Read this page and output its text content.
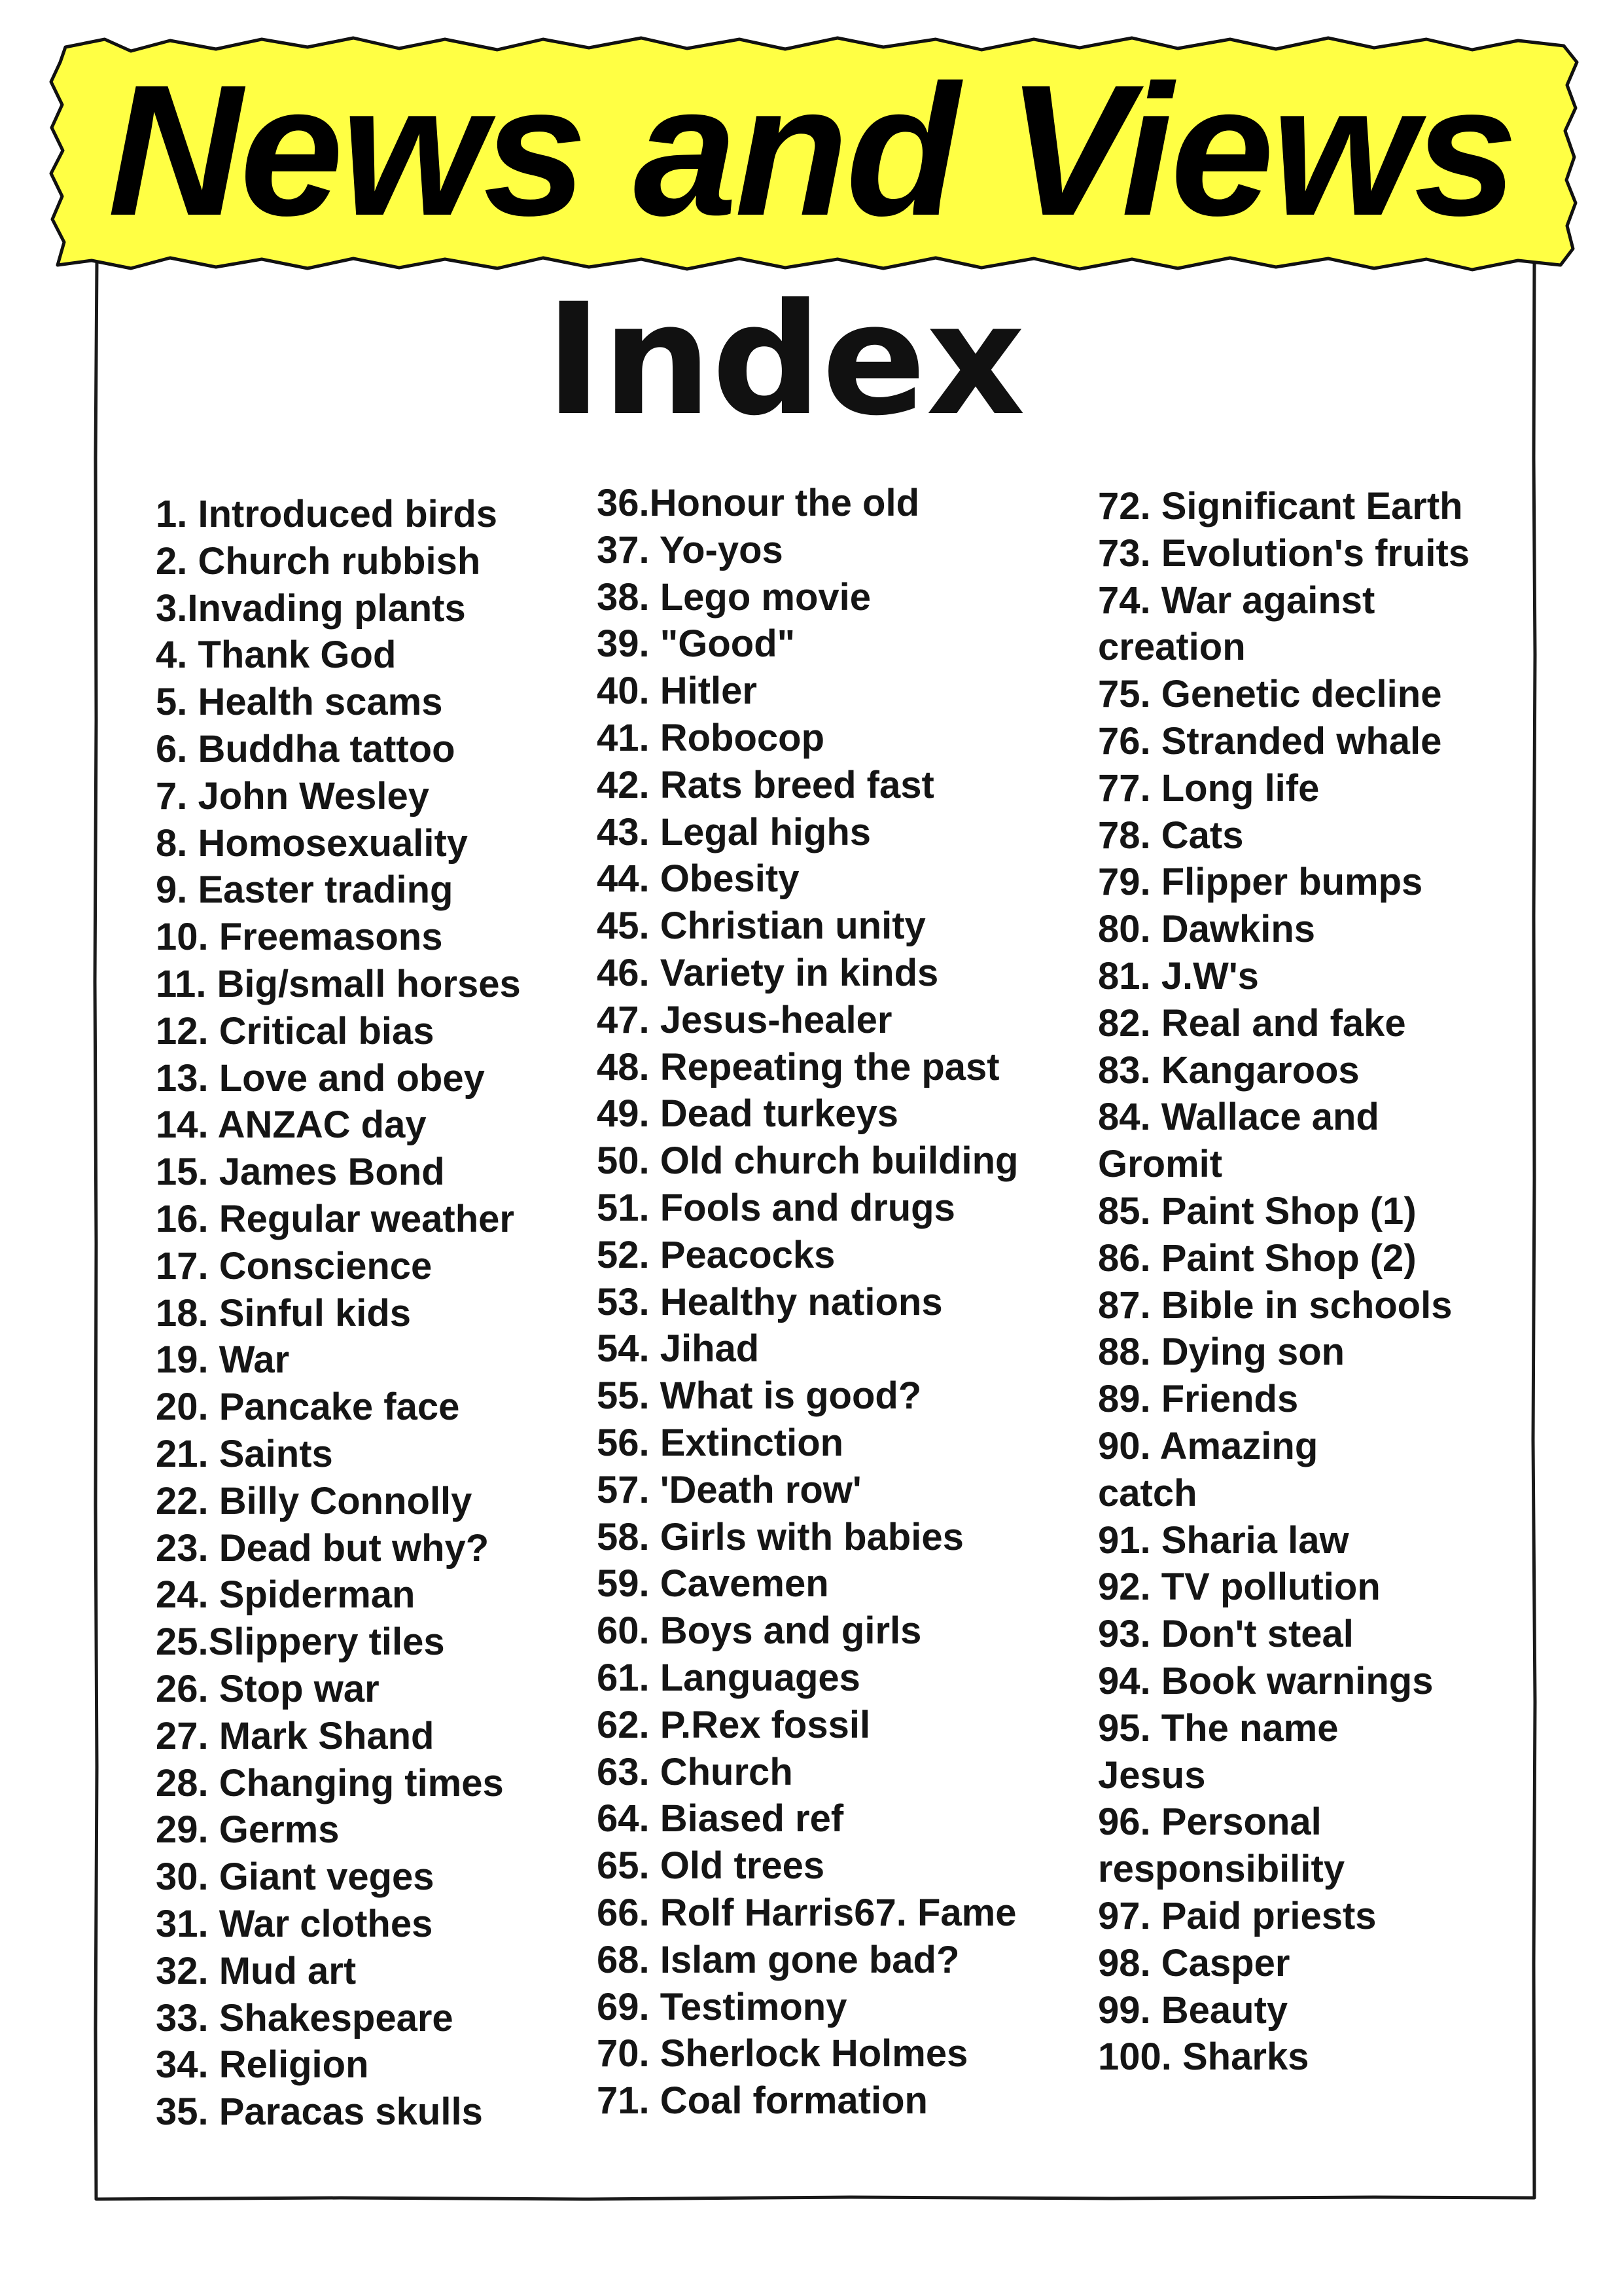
News and Views
Index
1. Introduced birds
2. Church rubbish
3.Invading plants
4. Thank God
5. Health scams
6. Buddha tattoo
7. John Wesley
8. Homosexuality
9. Easter trading
10. Freemasons
11. Big/small horses
12. Critical bias
13. Love and obey
14. ANZAC day
15. James Bond
16. Regular weather
17. Conscience
18. Sinful kids
19. War
20. Pancake face
21. Saints
22. Billy Connolly
23. Dead but why?
24. Spiderman
25.Slippery tiles
26. Stop war
27. Mark Shand
28. Changing times
29. Germs
30. Giant veges
31. War clothes
32. Mud art
33. Shakespeare
34. Religion
35. Paracas skulls
36.Honour the old
37. Yo-yos
38. Lego movie
39. "Good"
40. Hitler
41. Robocop
42. Rats breed fast
43. Legal highs
44. Obesity
45. Christian unity
46. Variety in kinds
47. Jesus-healer
48. Repeating the past
49. Dead turkeys
50. Old church building
51. Fools and drugs
52. Peacocks
53. Healthy nations
54. Jihad
55. What is good?
56. Extinction
57. 'Death row'
58. Girls with babies
59. Cavemen
60. Boys and girls
61. Languages
62. P.Rex fossil
63. Church
64. Biased ref
65. Old trees
66. Rolf Harris67. Fame
68. Islam gone bad?
69. Testimony
70. Sherlock Holmes
71. Coal formation
72. Significant Earth
73. Evolution's fruits
74. War against
creation
75. Genetic decline
76. Stranded whale
77. Long life
78. Cats
79. Flipper bumps
80. Dawkins
81. J.W's
82. Real and fake
83. Kangaroos
84. Wallace and
Gromit
85. Paint Shop (1)
86. Paint Shop (2)
87. Bible in schools
88. Dying son
89. Friends
90. Amazing
catch
91. Sharia law
92. TV pollution
93. Don't steal
94. Book warnings
95. The name
Jesus
96. Personal
responsibility
97. Paid priests
98. Casper
99. Beauty
100. Sharks
